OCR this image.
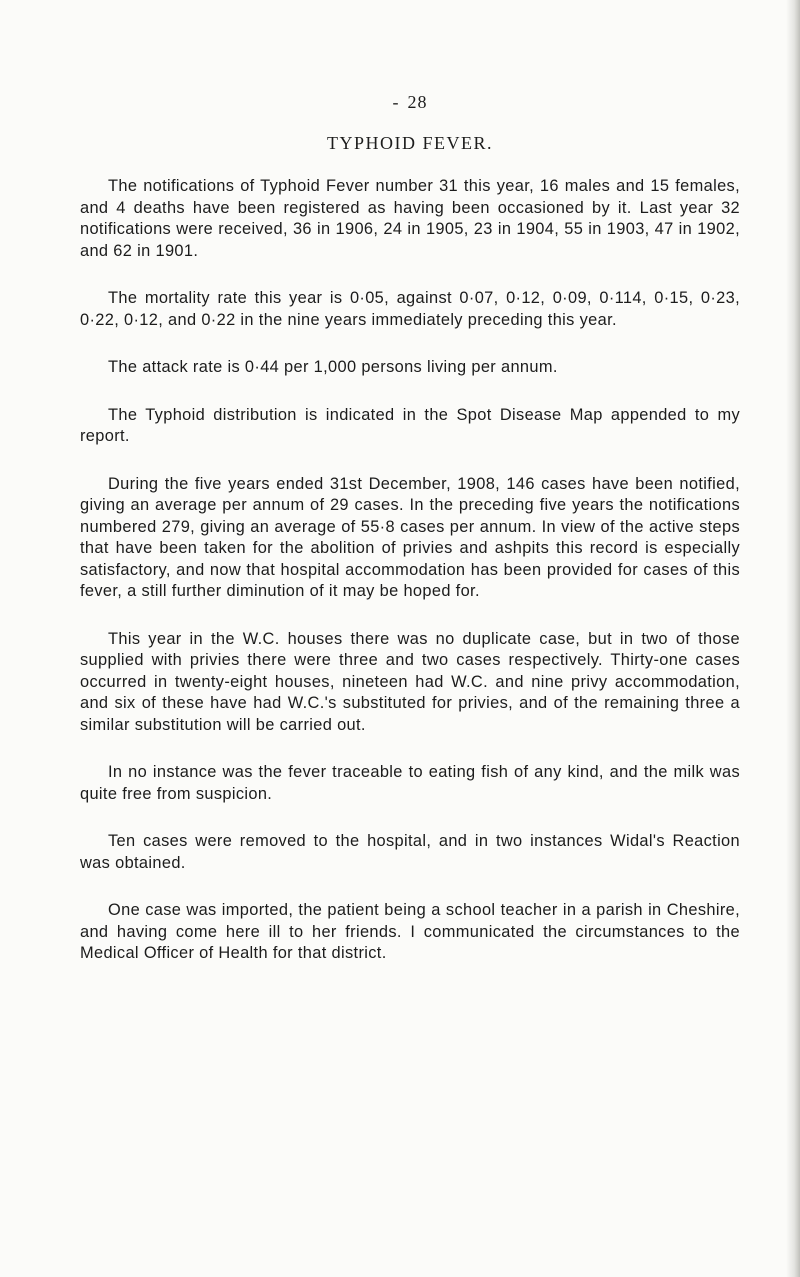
- 28
TYPHOID FEVER.

The notifications of Typhoid Fever number 31 this year, 16 males and 15 females, and 4 deaths have been registered as having been occasioned by it. Last year 32 notifications were received, 36 in 1906, 24 in 1905, 23 in 1904, 55 in 1903, 47 in 1902, and 62 in 1901.

The mortality rate this year is 0·05, against 0·07, 0·12, 0·09, 0·114, 0·15, 0·23, 0·22, 0·12, and 0·22 in the nine years immediately preceding this year.

The attack rate is 0·44 per 1,000 persons living per annum.

The Typhoid distribution is indicated in the Spot Disease Map appended to my report.

During the five years ended 31st December, 1908, 146 cases have been notified, giving an average per annum of 29 cases. In the preceding five years the notifications numbered 279, giving an average of 55·8 cases per annum. In view of the active steps that have been taken for the abolition of privies and ashpits this record is especially satisfactory, and now that hospital accommodation has been provided for cases of this fever, a still further diminution of it may be hoped for.

This year in the W.C. houses there was no duplicate case, but in two of those supplied with privies there were three and two cases respectively. Thirty-one cases occurred in twenty-eight houses, nineteen had W.C. and nine privy accommodation, and six of these have had W.C.'s substituted for privies, and of the remaining three a similar substitution will be carried out.

In no instance was the fever traceable to eating fish of any kind, and the milk was quite free from suspicion.

Ten cases were removed to the hospital, and in two instances Widal's Reaction was obtained.

One case was imported, the patient being a school teacher in a parish in Cheshire, and having come here ill to her friends. I communicated the circumstances to the Medical Officer of Health for that district.
